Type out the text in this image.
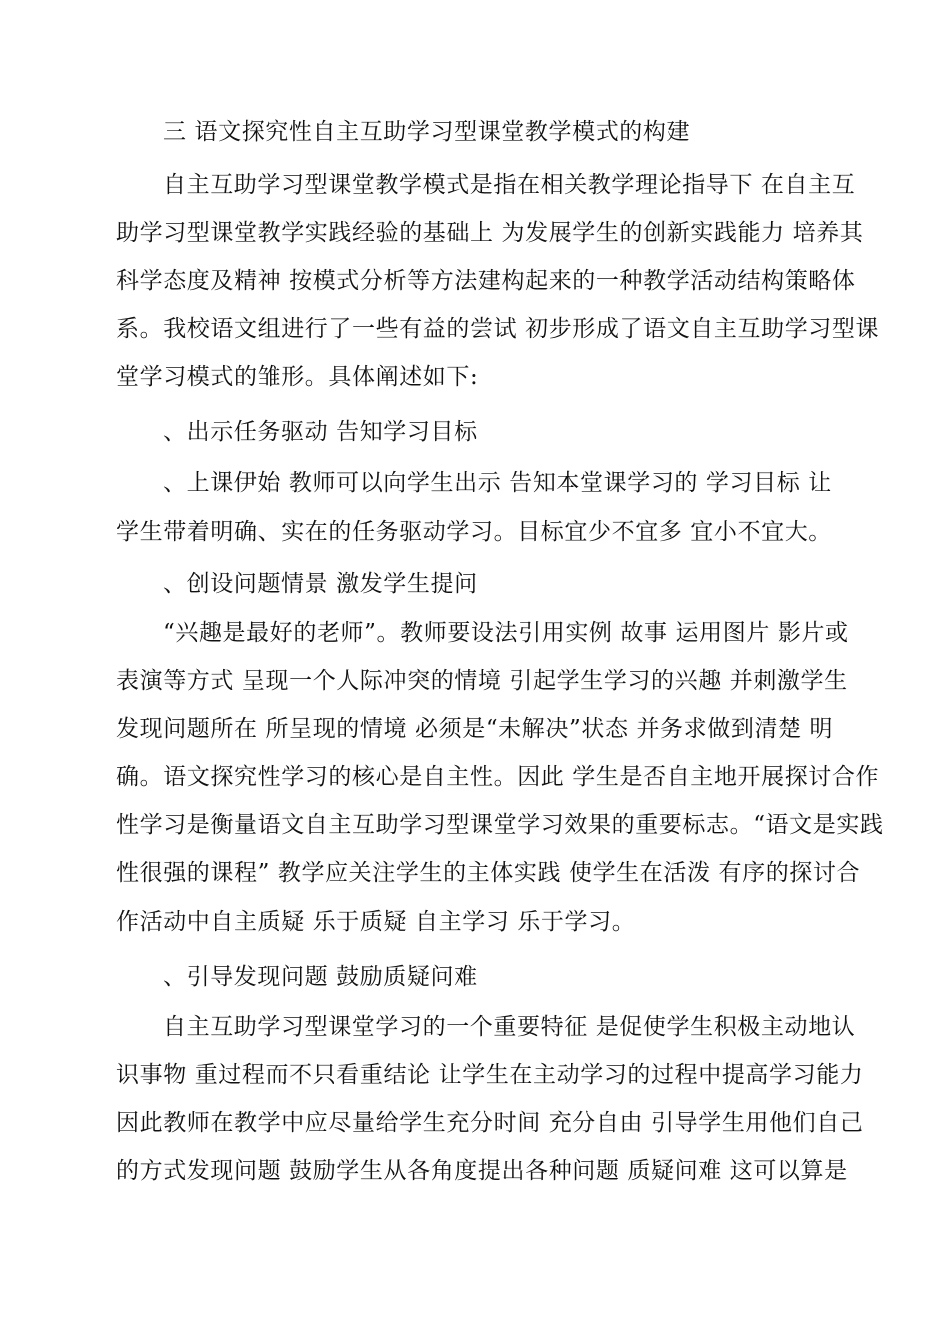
三 语文探究性自主互助学习型课堂教学模式的构建
自主互助学习型课堂教学模式是指在相关教学理论指导下 在自主互
助学习型课堂教学实践经验的基础上 为发展学生的创新实践能力 培养其
科学态度及精神 按模式分析等方法建构起来的一种教学活动结构策略体
系。我校语文组进行了一些有益的尝试 初步形成了语文自主互助学习型课
堂学习模式的雏形。具体阐述如下:
、出示任务驱动 告知学习目标
、上课伊始 教师可以向学生出示 告知本堂课学习的 学习目标 让
学生带着明确、实在的任务驱动学习。目标宜少不宜多 宜小不宜大。
、创设问题情景 激发学生提问
“兴趣是最好的老师”。教师要设法引用实例 故事 运用图片 影片或
表演等方式 呈现一个人际冲突的情境 引起学生学习的兴趣 并刺激学生
发现问题所在 所呈现的情境 必须是“未解决”状态 并务求做到清楚 明
确。语文探究性学习的核心是自主性。因此 学生是否自主地开展探讨合作
性学习是衡量语文自主互助学习型课堂学习效果的重要标志。“语文是实践
性很强的课程” 教学应关注学生的主体实践 使学生在活泼 有序的探讨合
作活动中自主质疑 乐于质疑 自主学习 乐于学习。
、引导发现问题 鼓励质疑问难
自主互助学习型课堂学习的一个重要特征 是促使学生积极主动地认
识事物 重过程而不只看重结论 让学生在主动学习的过程中提高学习能力
因此教师在教学中应尽量给学生充分时间 充分自由 引导学生用他们自己
的方式发现问题 鼓励学生从各角度提出各种问题 质疑问难 这可以算是
